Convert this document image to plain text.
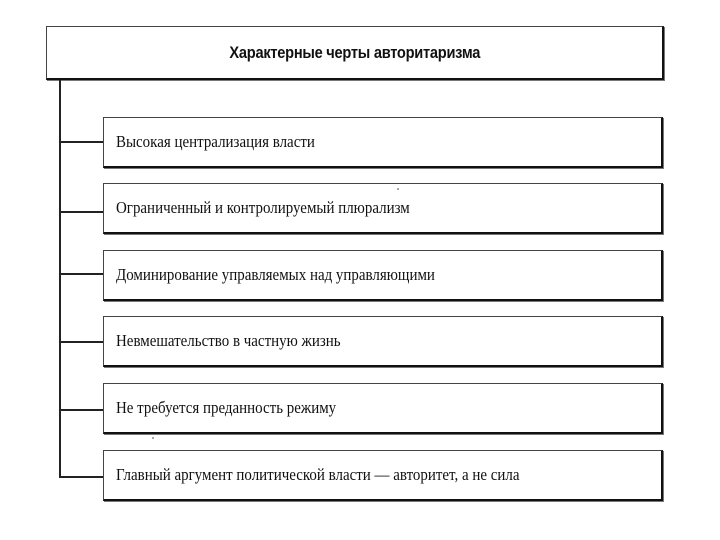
Характерные черты авторитаризма
Высокая централизация власти
Ограниченный и контролируемый плюрализм
Доминирование управляемых над управляющими
Невмешательство в частную жизнь
Не требуется преданность режиму
Главный аргумент политической власти — авторитет, а не сила
